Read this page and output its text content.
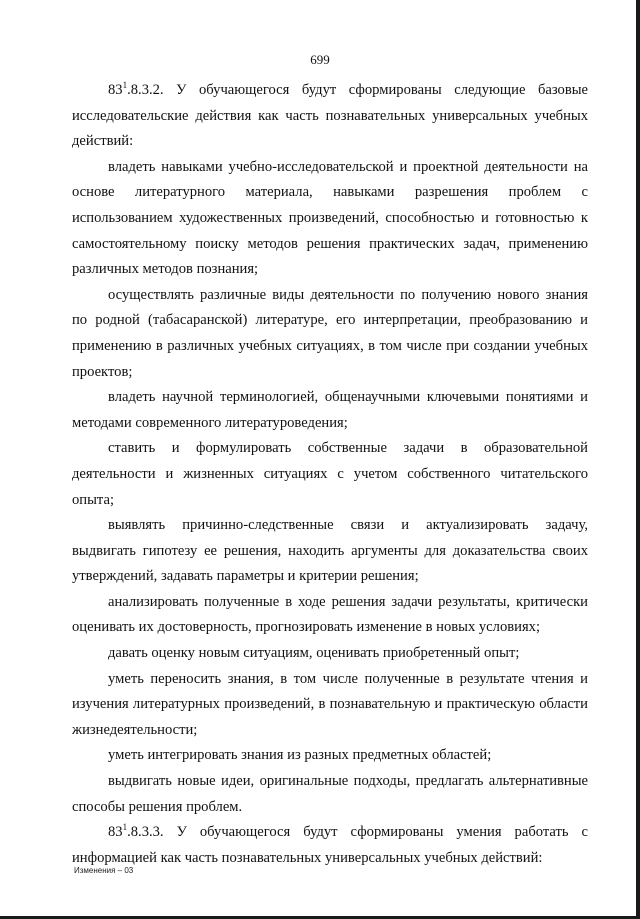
699

$83^1.8.3.2$. У обучающегося будут сформированы следующие базовые исследовательские действия как часть познавательных универсальных учебных действий:

владеть навыками учебно-исследовательской и проектной деятельности на основе литературного материала, навыками разрешения проблем с использованием художественных произведений, способностью и готовностью к самостоятельному поиску методов решения практических задач, применению различных методов познания;

осуществлять различные виды деятельности по получению нового знания по родной (табасаранской) литературе, его интерпретации, преобразованию и применению в различных учебных ситуациях, в том числе при создании учебных проектов;

владеть научной терминологией, общенаучными ключевыми понятиями и методами современного литературоведения;

ставить и формулировать собственные задачи в образовательной деятельности и жизненных ситуациях с учетом собственного читательского опыта;

выявлять причинно-следственные связи и актуализировать задачу, выдвигать гипотезу ее решения, находить аргументы для доказательства своих утверждений, задавать параметры и критерии решения;

анализировать полученные в ходе решения задачи результаты, критически оценивать их достоверность, прогнозировать изменение в новых условиях;

давать оценку новым ситуациям, оценивать приобретенный опыт;

уметь переносить знания, в том числе полученные в результате чтения и изучения литературных произведений, в познавательную и практическую области жизнедеятельности;

уметь интегрировать знания из разных предметных областей;

выдвигать новые идеи, оригинальные подходы, предлагать альтернативные способы решения проблем.

$83^1.8.3.3$. У обучающегося будут сформированы умения работать с информацией как часть познавательных универсальных учебных действий:

Изменения – 03
